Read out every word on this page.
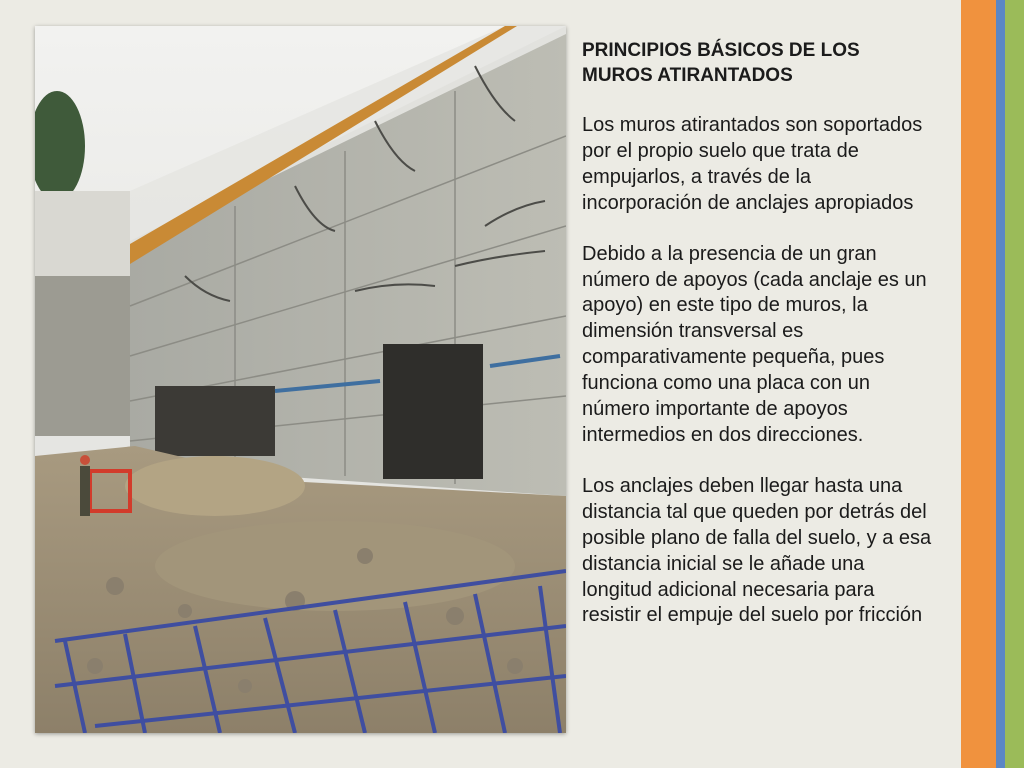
PRINCIPIOS BÁSICOS DE LOS
MUROS ATIRANTADOS

Los muros atirantados son soportados por el propio suelo que trata de empujarlos, a través de la incorporación de anclajes apropiados

Debido a la presencia de un gran número de apoyos (cada anclaje es un apoyo) en este tipo de muros, la dimensión transversal es comparativamente pequeña, pues funciona como una placa con un número importante de apoyos intermedios en dos direcciones.

Los anclajes deben llegar hasta una distancia tal que queden por detrás del posible plano de falla del suelo, y a esa distancia inicial se le añade una longitud adicional necesaria para resistir el empuje del suelo por fricción
